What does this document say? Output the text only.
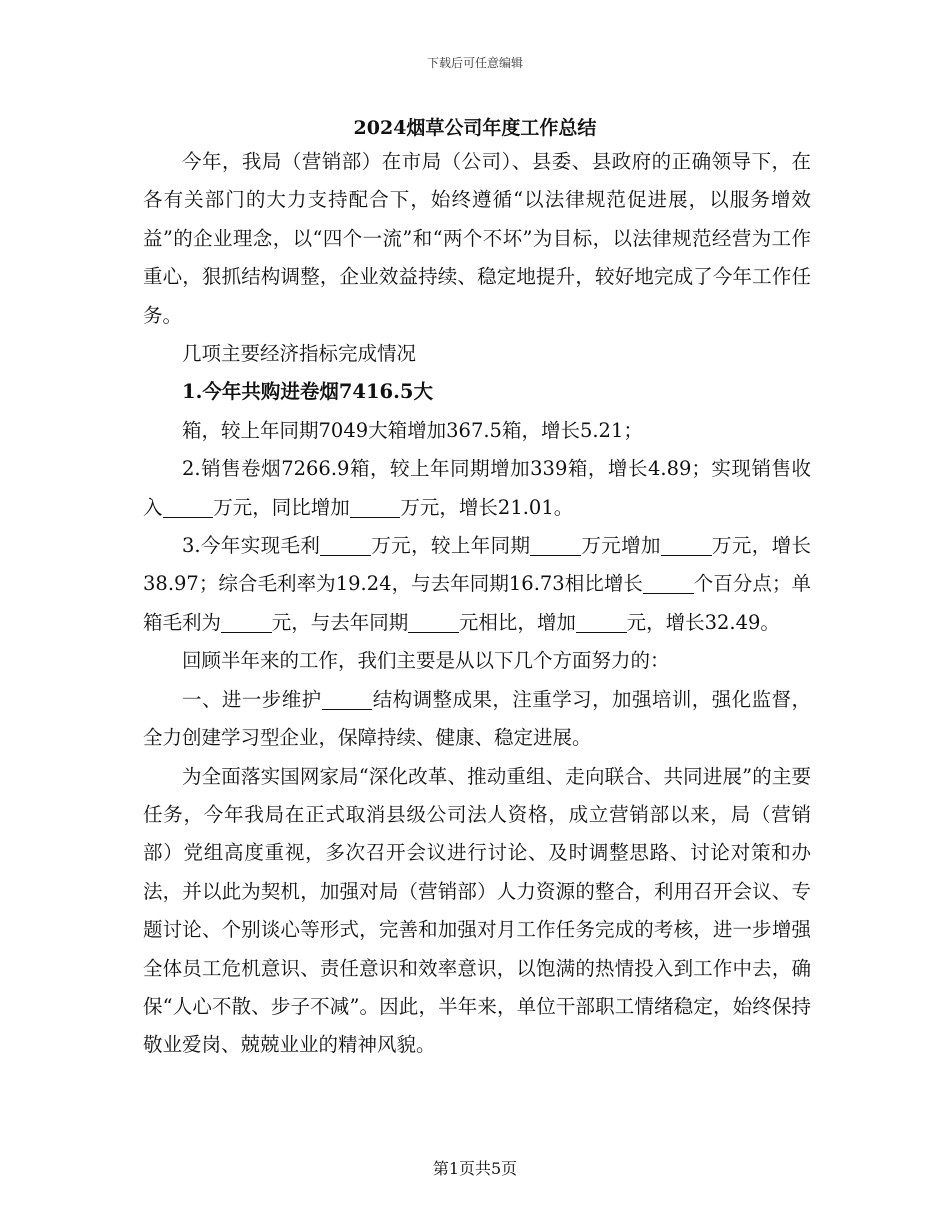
下载后可任意编辑
2024烟草公司年度工作总结

今年，我局（营销部）在市局（公司）、县委、县政府的正确领导下，在各有关部门的大力支持配合下，始终遵循“以法律规范促进展，以服务增效益”的企业理念，以“四个一流”和“两个不坏”为目标，以法律规范经营为工作重心，狠抓结构调整，企业效益持续、稳定地提升，较好地完成了今年工作任务。

几项主要经济指标完成情况

1.今年共购进卷烟7416.5大

箱，较上年同期7049大箱增加367.5箱，增长5.21；

2.销售卷烟7266.9箱，较上年同期增加339箱，增长4.89；实现销售收入	万元，同比增加	万元，增长21.01。

3.今年实现毛利	万元，较上年同期	万元增加	万元，增长38.97；综合毛利率为19.24，与去年同期16.73相比增长	个百分点；单箱毛利为	元，与去年同期	元相比，增加	元，增长32.49。

回顾半年来的工作，我们主要是从以下几个方面努力的：

一、进一步维护	结构调整成果，注重学习，加强培训，强化监督，全力创建学习型企业，保障持续、健康、稳定进展。

为全面落实国网家局“深化改革、推动重组、走向联合、共同进展”的主要任务，今年我局在正式取消县级公司法人资格，成立营销部以来，局（营销部）党组高度重视，多次召开会议进行讨论、及时调整思路、讨论对策和办法，并以此为契机，加强对局（营销部）人力资源的整合，利用召开会议、专题讨论、个别谈心等形式，完善和加强对月工作任务完成的考核，进一步增强全体员工危机意识、责任意识和效率意识，以饱满的热情投入到工作中去，确保“人心不散、步子不减”。因此，半年来，单位干部职工情绪稳定，始终保持敬业爱岗、兢兢业业的精神风貌。

第1页共5页
